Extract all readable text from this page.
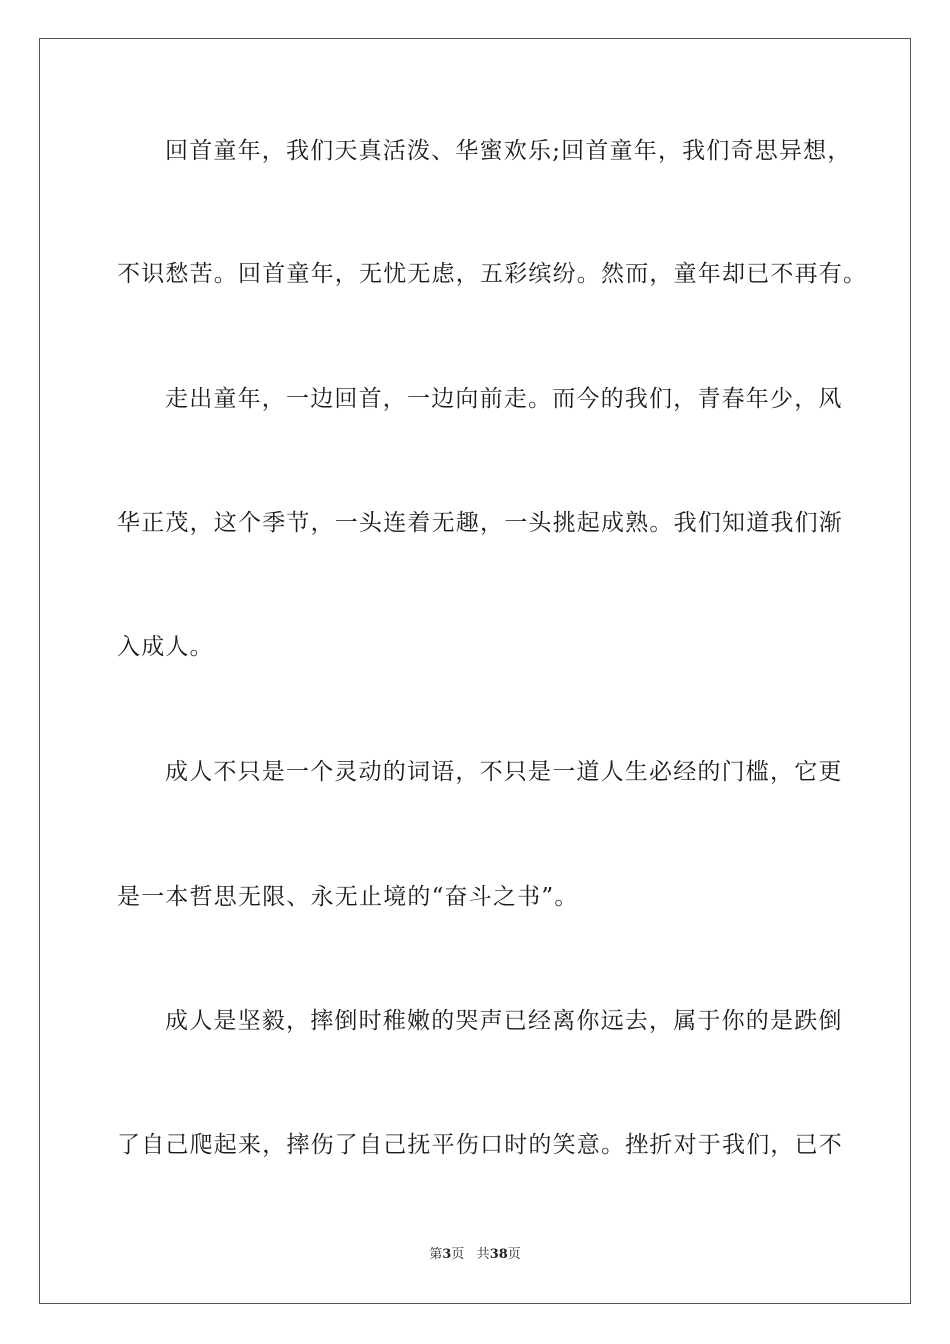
回首童年，我们天真活泼、华蜜欢乐;回首童年，我们奇思异想，
不识愁苦。回首童年，无忧无虑，五彩缤纷。然而，童年却已不再有。
走出童年，一边回首，一边向前走。而今的我们，青春年少，风
华正茂，这个季节，一头连着无趣，一头挑起成熟。我们知道我们渐
入成人。
成人不只是一个灵动的词语，不只是一道人生必经的门槛，它更
是一本哲思无限、永无止境的“奋斗之书”。
成人是坚毅，摔倒时稚嫩的哭声已经离你远去，属于你的是跌倒
了自己爬起来，摔伤了自己抚平伤口时的笑意。挫折对于我们，已不
第3页 共38页
